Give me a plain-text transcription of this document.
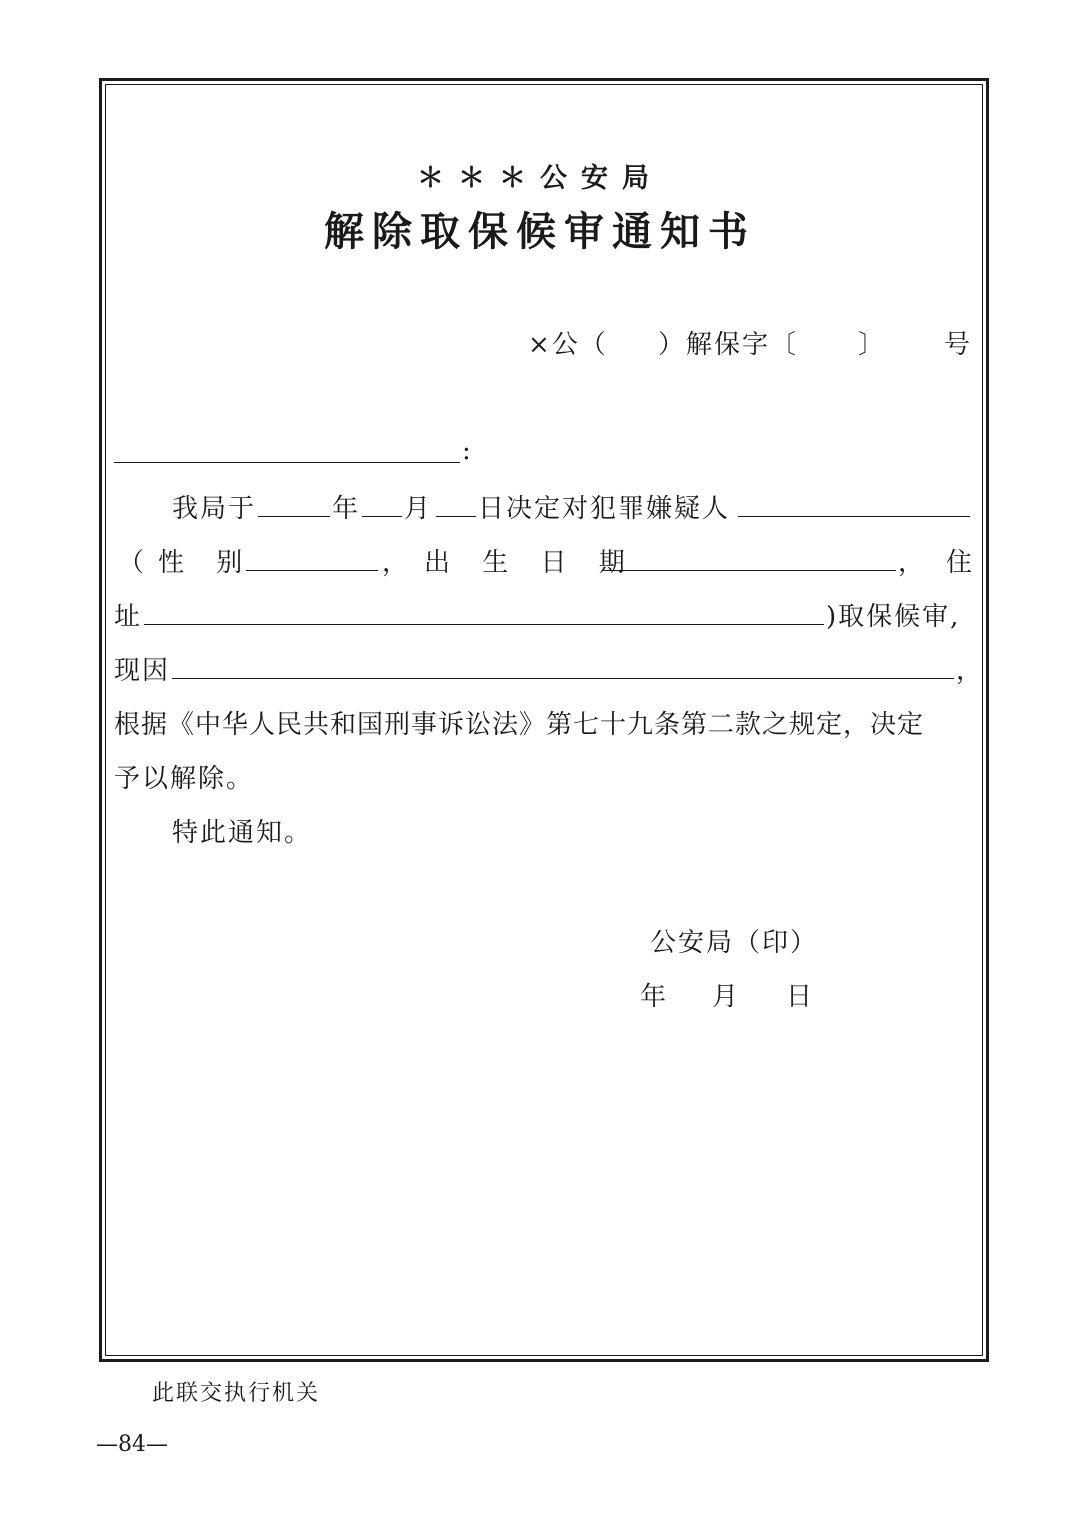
＊＊＊公安局
解除取保候审通知书
×公（ ）解保字〔 〕 号
:
我局于	年 月 日决定对犯罪嫌疑人
（ 性 别	， 出 生 日 期	， 住
址	)取保候审,
现因	，
根据《中华人民共和国刑事诉讼法》第七十九条第二款之规定，决定
予以解除。
特此通知。
公安局（印）
年 月 日
此联交执行机关
—84—
